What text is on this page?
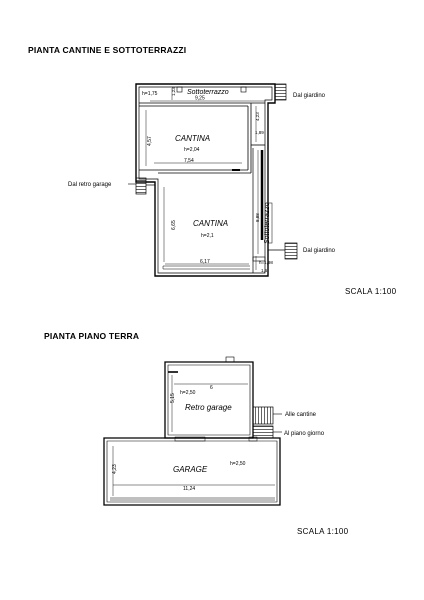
PIANTA CANTINE E SOTTOTERRAZZI
SCALA 1:100
PIANTA PIANO TERRA
SCALA 1:100
Sottoterrazzo
h=1,75
9,25
1,23
CANTINA
h=2,04
7,54
4,57
CANTINA
h=2,1
6,17
6,65	Sottoterrazzo
h=1,98
8,88
1,6
4,23
1,89
Dal giardino
Dal retro garage
Dal giardino
Retro garage
h=2,50
6
5,15
GARAGE
h=2,50
11,24
4,23
Alle cantine
Al piano giorno
